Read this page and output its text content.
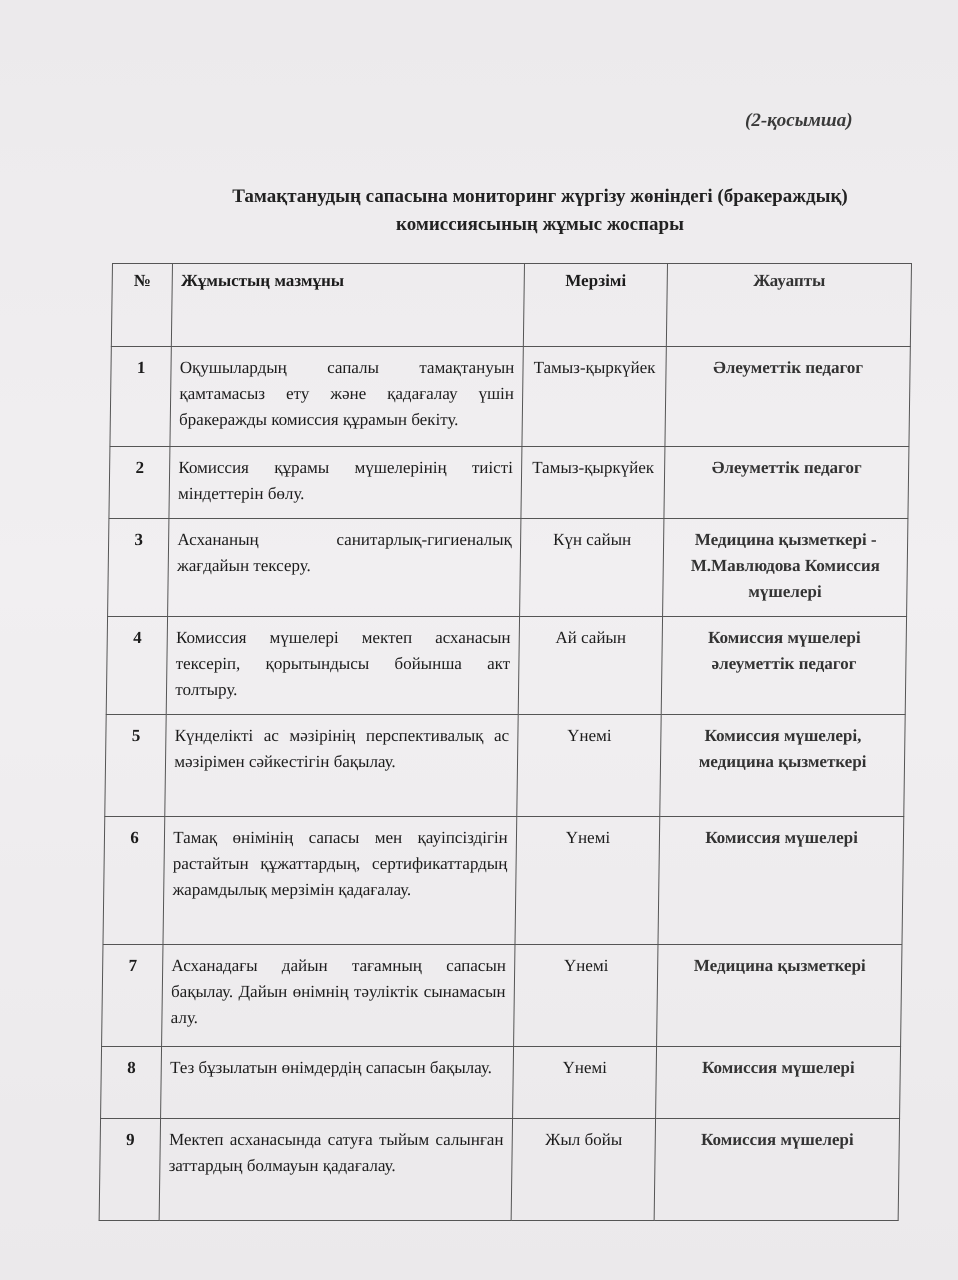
(2-қосымша)
Тамақтанудың сапасына мониторинг жүргізу жөніндегі (бракераждық)
комиссиясының жұмыс жоспары
№	Жұмыстың мазмұны	Мерзімі	Жауапты
1	Оқушылардың сапалы тамақтануын қамтамасыз ету және қадағалау үшін бракеражды комиссия құрамын бекіту.	Тамыз-қыркүйек	Әлеуметтік педагог
2	Комиссия құрамы мүшелерінің тиісті міндеттерін бөлу.	Тамыз-қыркүйек	Әлеуметтік педагог
3	Асхананың санитарлық-гигиеналық жағдайын тексеру.	Күн сайын	Медицина қызметкері - М.Мавлюдова Комиссия мүшелері
4	Комиссия мүшелері мектеп асханасын тексеріп, қорытындысы бойынша акт толтыру.	Ай сайын	Комиссия мүшелері әлеуметтік педагог
5	Күнделікті ас мәзірінің перспективалық ас мәзірімен сәйкестігін бақылау.	Үнемі	Комиссия мүшелері, медицина қызметкері
6	Тамақ өнімінің сапасы мен қауіпсіздігін растайтын құжаттардың, сертификаттардың жарамдылық мерзімін қадағалау.	Үнемі	Комиссия мүшелері
7	Асханадағы дайын тағамның сапасын бақылау. Дайын өнімнің тәуліктік сынамасын алу.	Үнемі	Медицина қызметкері
8	Тез бұзылатын өнімдердің сапасын бақылау.	Үнемі	Комиссия мүшелері
9	Мектеп асханасында сатуға тыйым салынған заттардың болмауын қадағалау.	Жыл бойы	Комиссия мүшелері
